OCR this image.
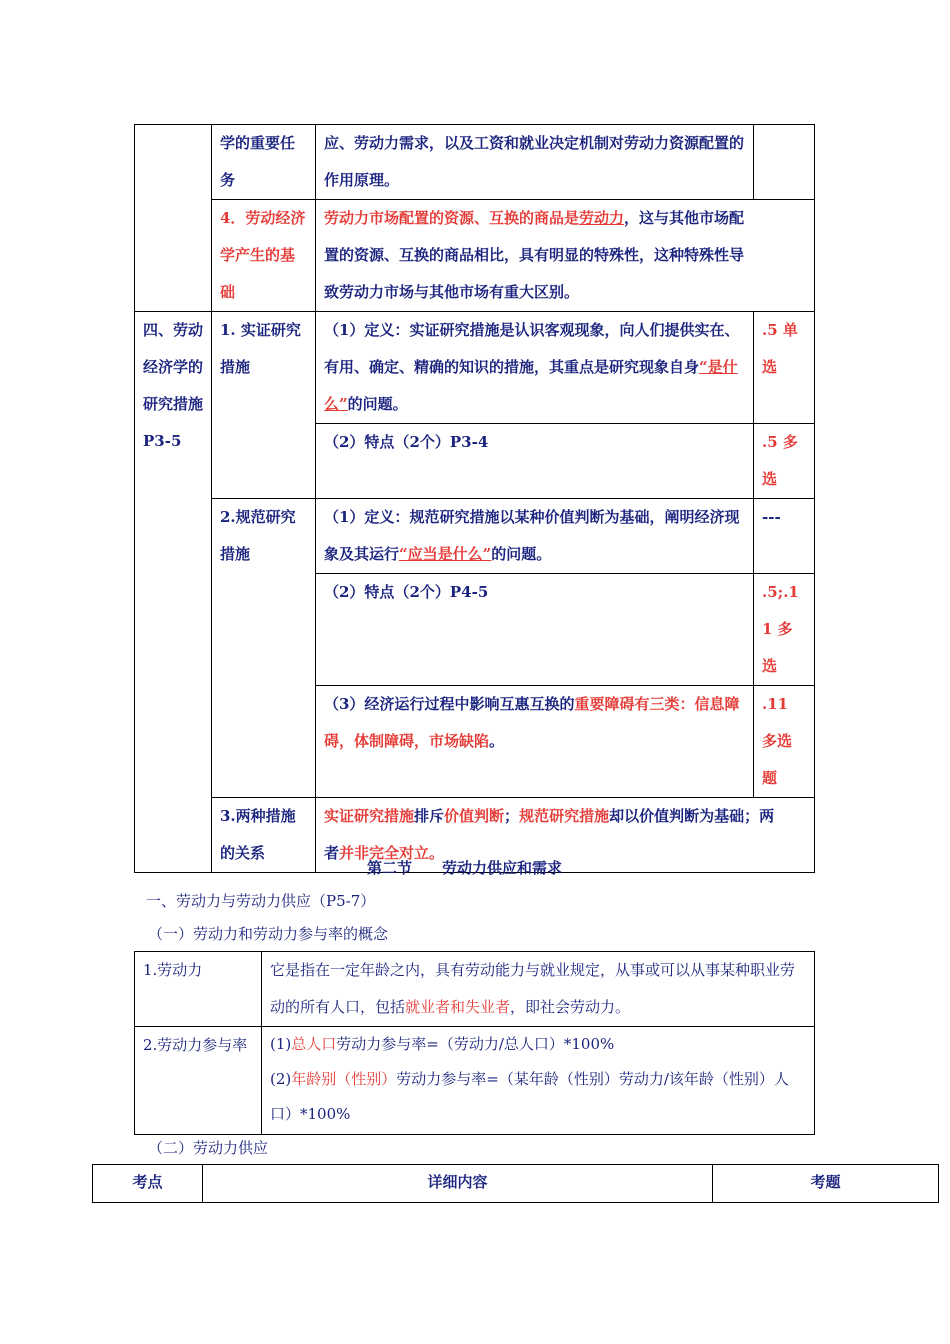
	学的重要任务	应、劳动力需求，以及工资和就业决定机制对劳动力资源配置的作用原理。	
	4．劳动经济学产生的基础	劳动力市场配置的资源、互换的商品是劳动力，这与其他市场配置的资源、互换的商品相比，具有明显的特殊性，这种特殊性导致劳动力市场与其他市场有重大区别。	
四、劳动经济学的研究措施P3-5	1. 实证研究措施	（1）定义：实证研究措施是认识客观现象，向人们提供实在、有用、确定、精确的知识的措施，其重点是研究现象自身“是什么”的问题。	.5 单选
		（2）特点（2个）P3-4	.5 多选
	2.规范研究措施	（1）定义：规范研究措施以某种价值判断为基础，阐明经济现象及其运行“应当是什么”的问题。	---
		（2）特点（2个）P4-5	.5;.11 多选
		（3）经济运行过程中影响互惠互换的重要障碍有三类：信息障碍，体制障碍，市场缺陷。	.11 多选题
	3.两种措施的关系	实证研究措施排斥价值判断；规范研究措施却以价值判断为基础；两者并非完全对立。	
第二节　　劳动力供应和需求
一、劳动力与劳动力供应（P5-7）
（一）劳动力和劳动力参与率的概念
1.劳动力	它是指在一定年龄之内，具有劳动能力与就业规定，从事或可以从事某种职业劳动的所有人口，包括就业者和失业者，即社会劳动力。
2.劳动力参与率	(1)总人口劳动力参与率=（劳动力/总人口）*100%
(2)年龄别（性别）劳动力参与率=（某年龄（性别）劳动力/该年龄（性别）人口）*100%
（二）劳动力供应
考点	详细内容	考题
